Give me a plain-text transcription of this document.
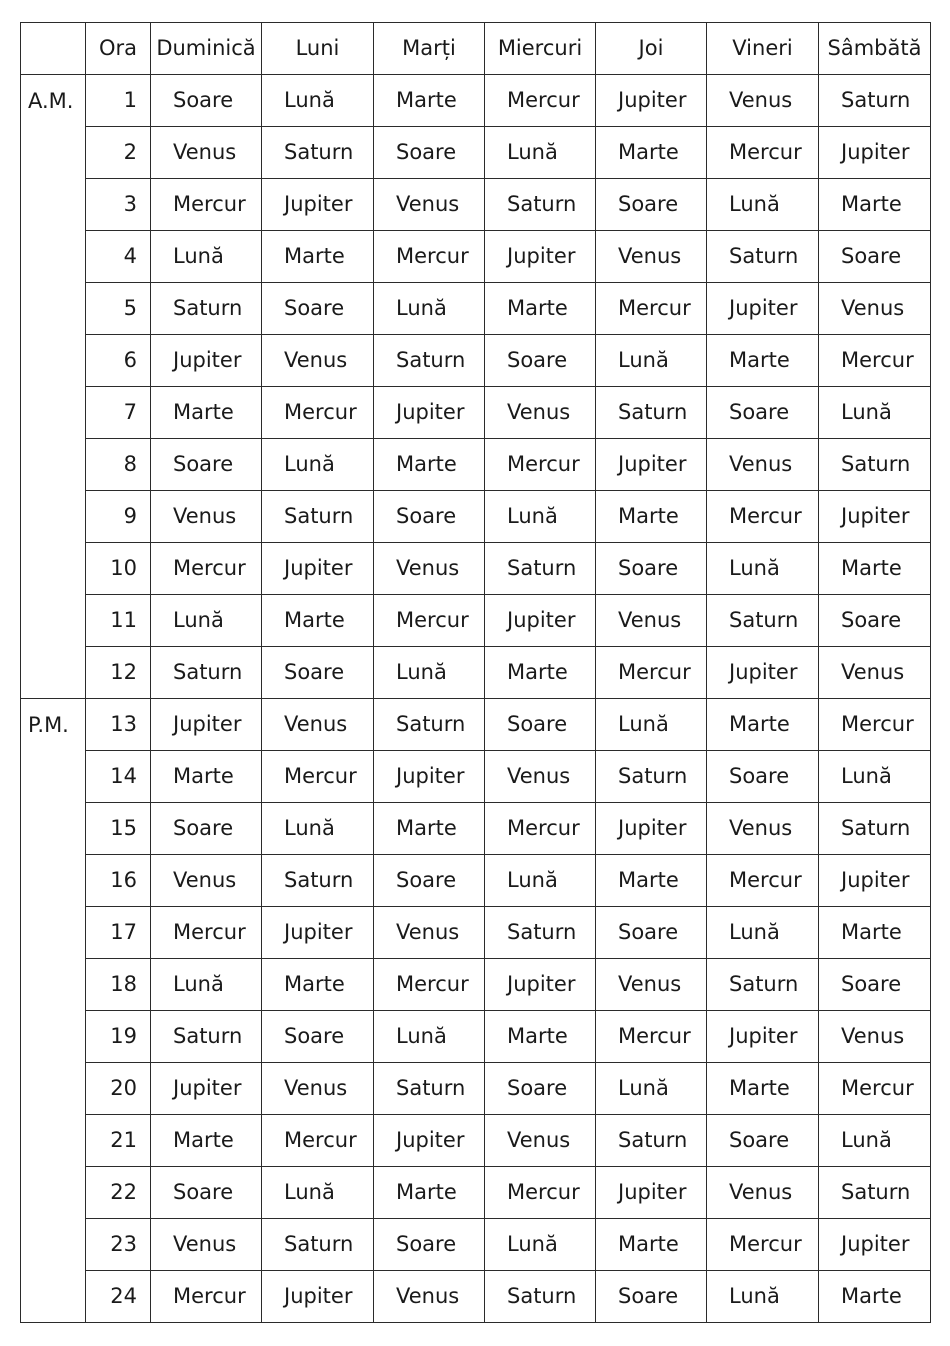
	Ora	Duminică	Luni	Marți	Miercuri	Joi	Vineri	Sâmbătă
A.M.	1	Soare	Lună	Marte	Mercur	Jupiter	Venus	Saturn
	2	Venus	Saturn	Soare	Lună	Marte	Mercur	Jupiter
	3	Mercur	Jupiter	Venus	Saturn	Soare	Lună	Marte
	4	Lună	Marte	Mercur	Jupiter	Venus	Saturn	Soare
	5	Saturn	Soare	Lună	Marte	Mercur	Jupiter	Venus
	6	Jupiter	Venus	Saturn	Soare	Lună	Marte	Mercur
	7	Marte	Mercur	Jupiter	Venus	Saturn	Soare	Lună
	8	Soare	Lună	Marte	Mercur	Jupiter	Venus	Saturn
	9	Venus	Saturn	Soare	Lună	Marte	Mercur	Jupiter
	10	Mercur	Jupiter	Venus	Saturn	Soare	Lună	Marte
	11	Lună	Marte	Mercur	Jupiter	Venus	Saturn	Soare
	12	Saturn	Soare	Lună	Marte	Mercur	Jupiter	Venus
P.M.	13	Jupiter	Venus	Saturn	Soare	Lună	Marte	Mercur
	14	Marte	Mercur	Jupiter	Venus	Saturn	Soare	Lună
	15	Soare	Lună	Marte	Mercur	Jupiter	Venus	Saturn
	16	Venus	Saturn	Soare	Lună	Marte	Mercur	Jupiter
	17	Mercur	Jupiter	Venus	Saturn	Soare	Lună	Marte
	18	Lună	Marte	Mercur	Jupiter	Venus	Saturn	Soare
	19	Saturn	Soare	Lună	Marte	Mercur	Jupiter	Venus
	20	Jupiter	Venus	Saturn	Soare	Lună	Marte	Mercur
	21	Marte	Mercur	Jupiter	Venus	Saturn	Soare	Lună
	22	Soare	Lună	Marte	Mercur	Jupiter	Venus	Saturn
	23	Venus	Saturn	Soare	Lună	Marte	Mercur	Jupiter
	24	Mercur	Jupiter	Venus	Saturn	Soare	Lună	Marte
